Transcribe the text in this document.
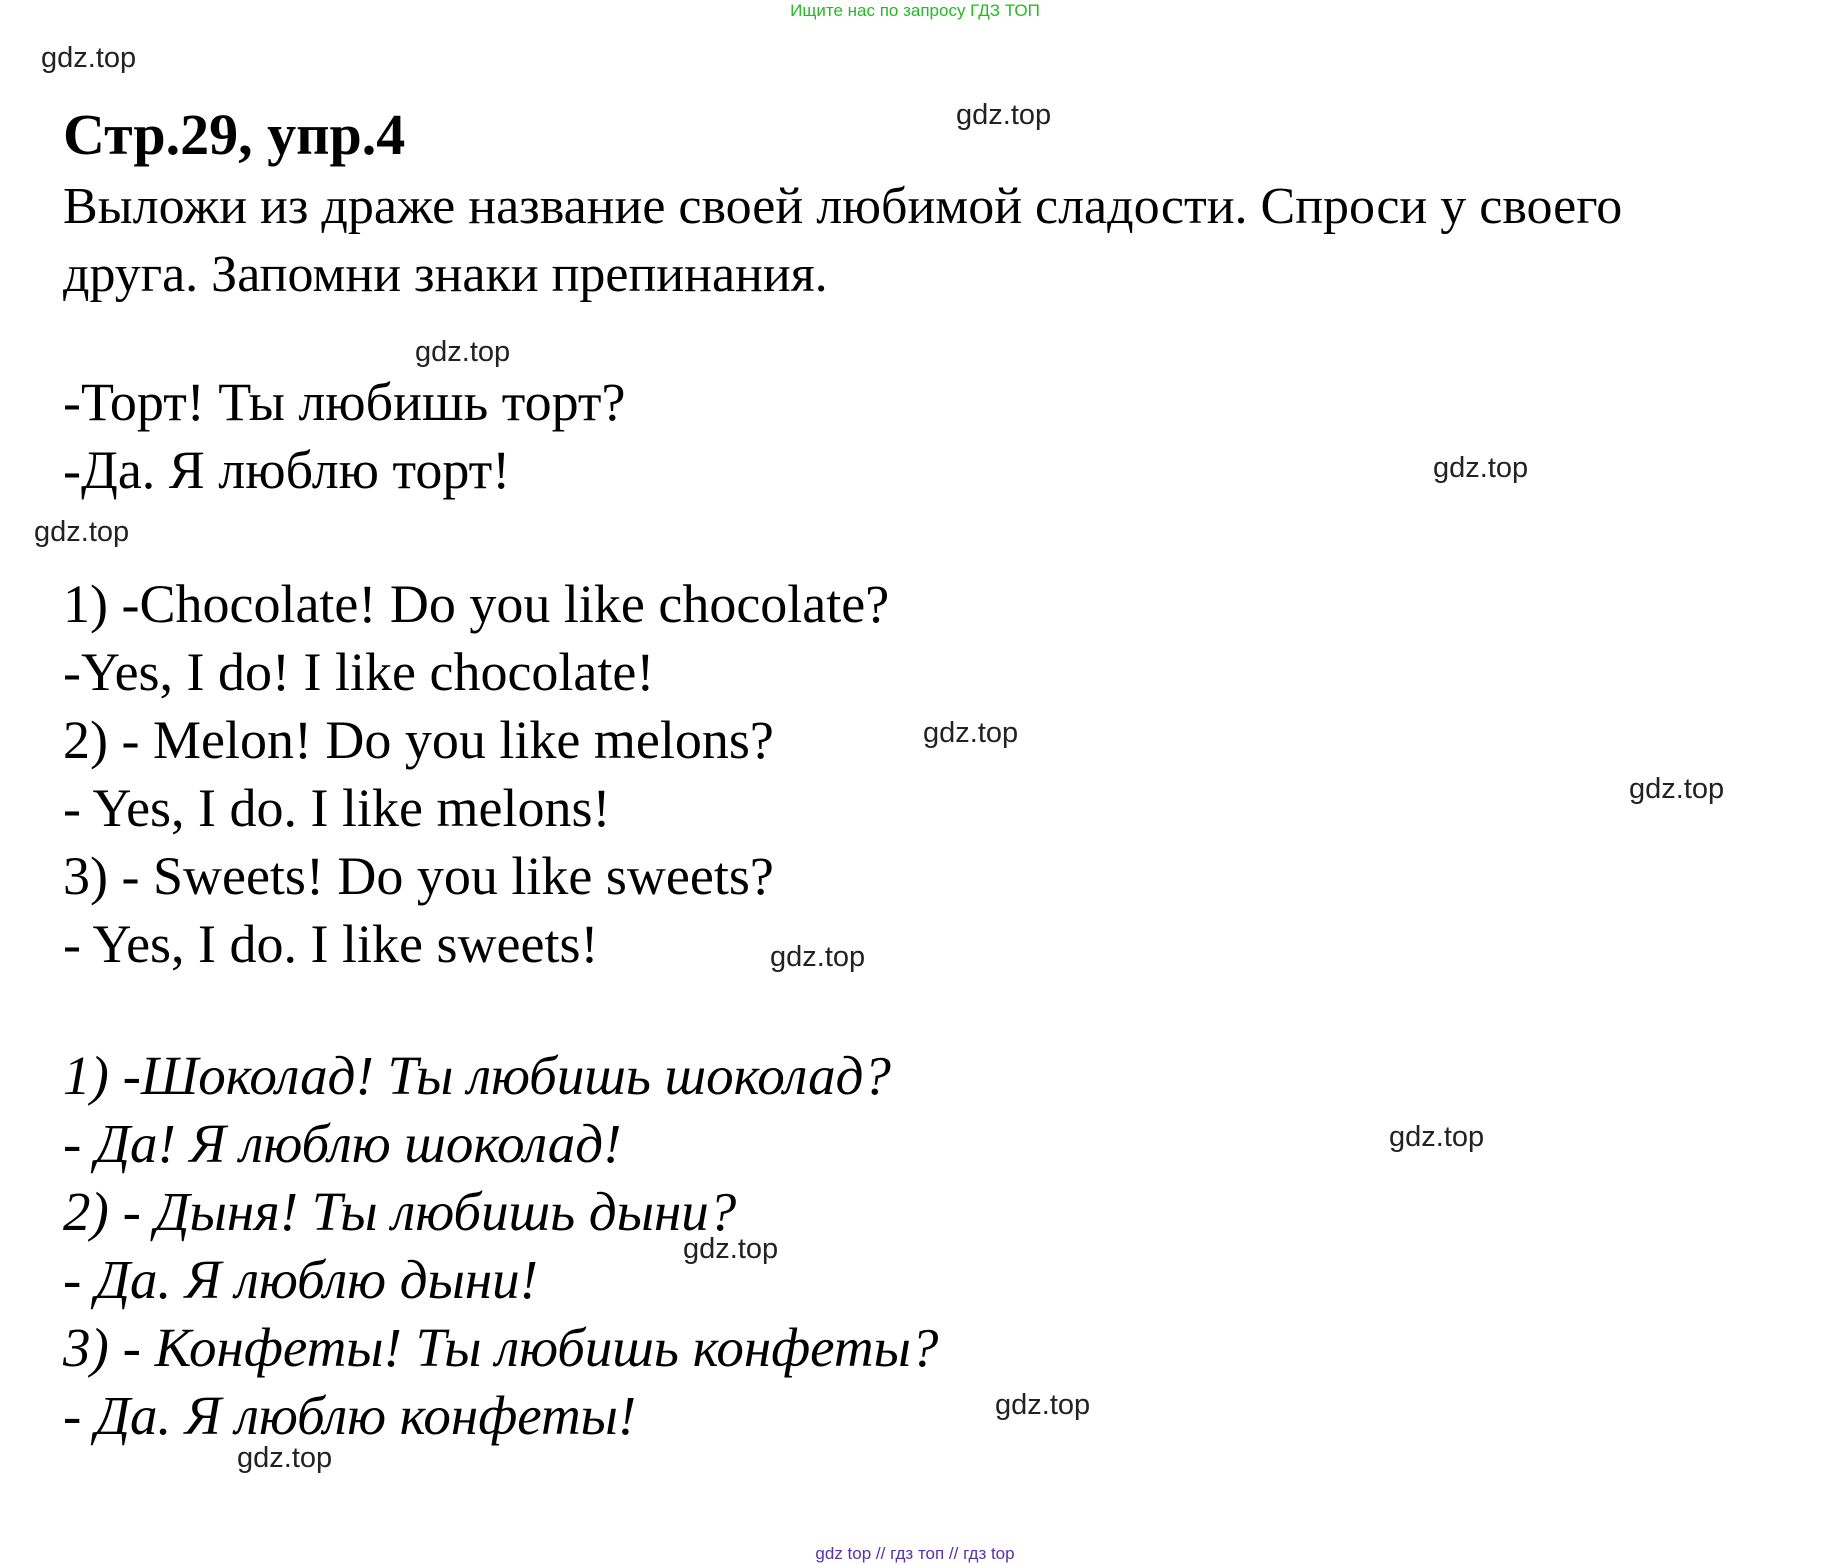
Ищите нас по запросу ГДЗ ТОП
Стр.29, упр.4

Выложи из драже название своей любимой сладости. Спроси у своего

друга. Запомни знаки препинания.

-Торт! Ты любишь торт?
-Да. Я люблю торт!
1) -Chocolate! Do you like chocolate?
-Yes, I do! I like chocolate!
2) - Melon! Do you like melons?
- Yes, I do. I like melons!
3) - Sweets! Do you like sweets?
- Yes, I do. I like sweets!
1) -Шоколад! Ты любишь шоколад?
- Да! Я люблю шоколад!
2) - Дыня! Ты любишь дыни?
- Да. Я люблю дыни!
3) - Конфеты! Ты любишь конфеты?
- Да. Я люблю конфеты!
gdz.top
gdz.top
gdz.top
gdz.top
gdz.top
gdz.top
gdz.top
gdz.top
gdz.top
gdz.top
gdz.top
gdz.top
gdz top // гдз топ // гдз top
